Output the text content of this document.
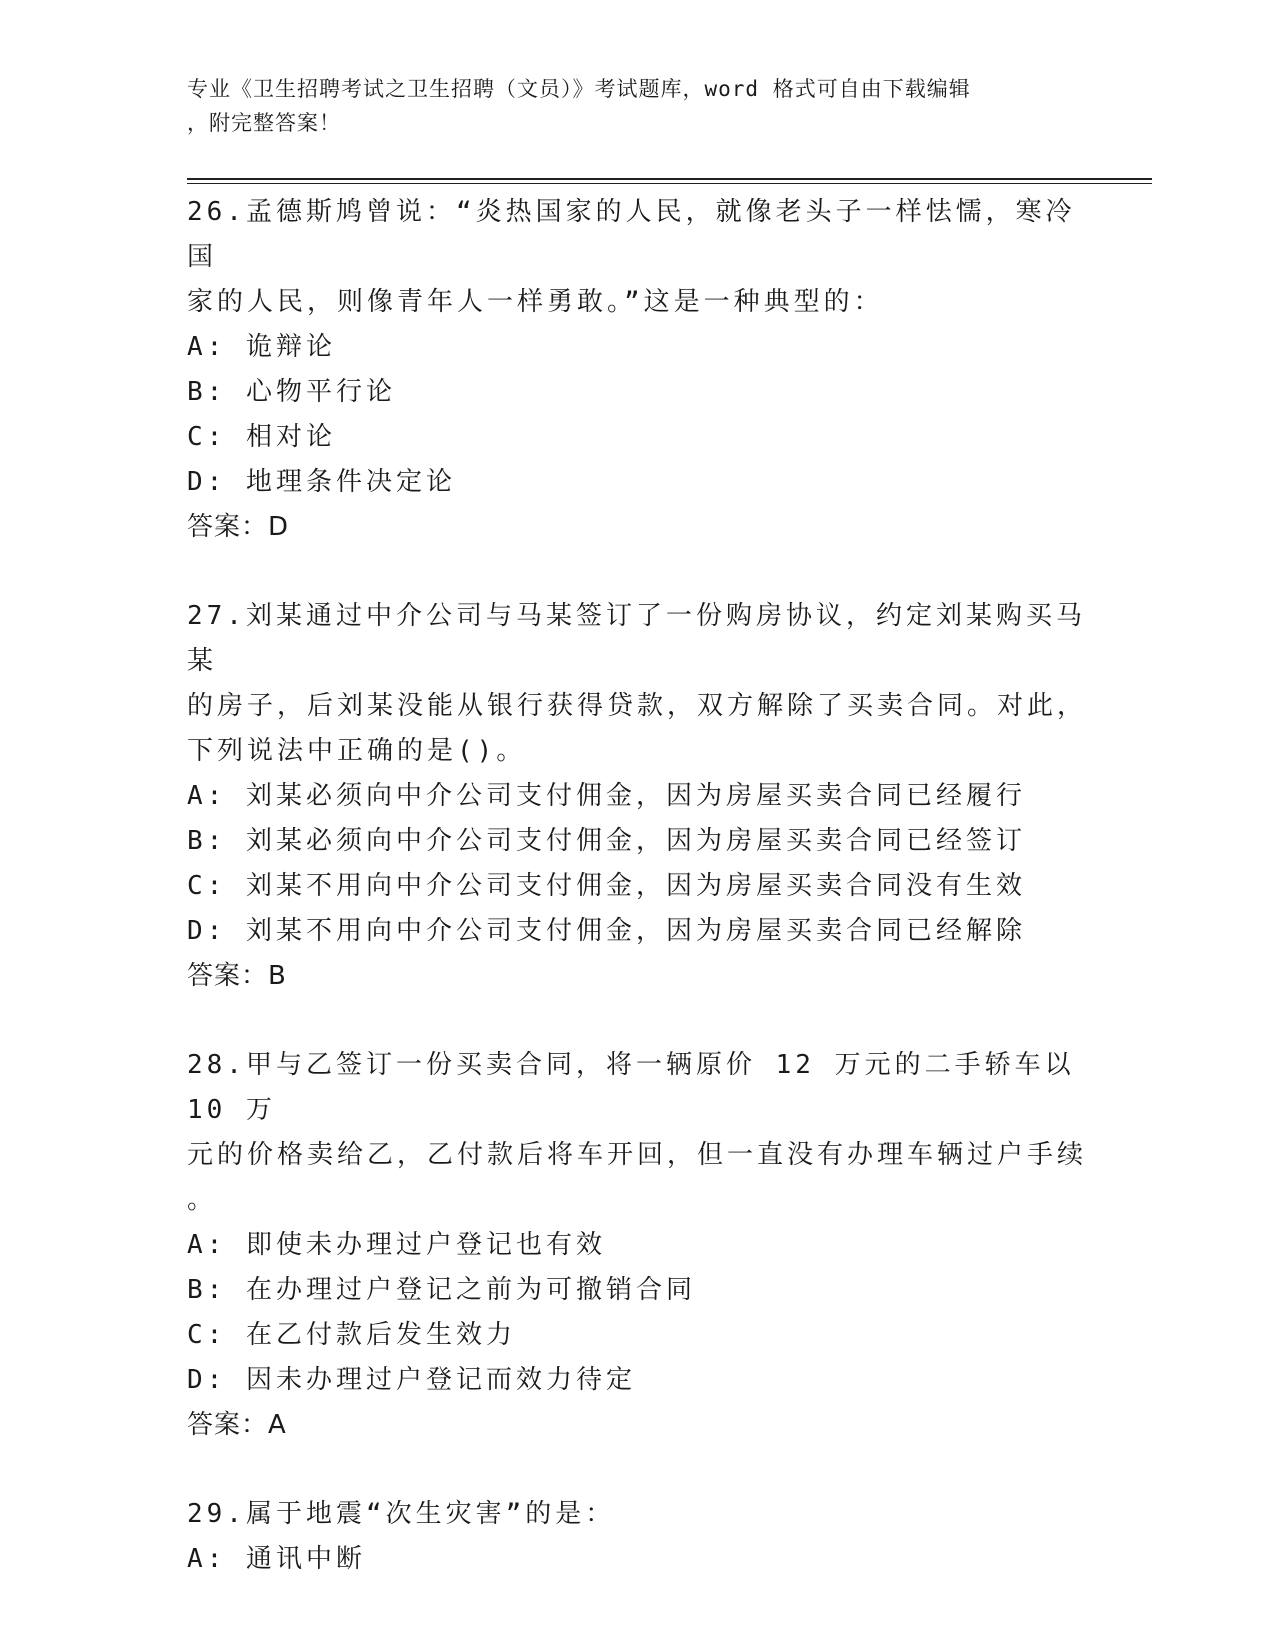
专业《卫生招聘考试之卫生招聘（文员）》考试题库，word 格式可自由下载编辑
，附完整答案！

26.孟德斯鸠曾说：“炎热国家的人民，就像老头子一样怯懦，寒冷国

家的人民，则像青年人一样勇敢。”这是一种典型的：

A: 诡辩论

B: 心物平行论

C: 相对论

D: 地理条件决定论

答案：D

27.刘某通过中介公司与马某签订了一份购房协议，约定刘某购买马某

的房子，后刘某没能从银行获得贷款，双方解除了买卖合同。对此，

下列说法中正确的是()。

A: 刘某必须向中介公司支付佣金，因为房屋买卖合同已经履行

B: 刘某必须向中介公司支付佣金，因为房屋买卖合同已经签订

C: 刘某不用向中介公司支付佣金，因为房屋买卖合同没有生效

D: 刘某不用向中介公司支付佣金，因为房屋买卖合同已经解除

答案：B

28.甲与乙签订一份买卖合同，将一辆原价 12 万元的二手轿车以 10 万

元的价格卖给乙，乙付款后将车开回，但一直没有办理车辆过户手续

。

A: 即使未办理过户登记也有效

B: 在办理过户登记之前为可撤销合同

C: 在乙付款后发生效力

D: 因未办理过户登记而效力待定

答案：A

29.属于地震“次生灾害”的是：

A: 通讯中断
